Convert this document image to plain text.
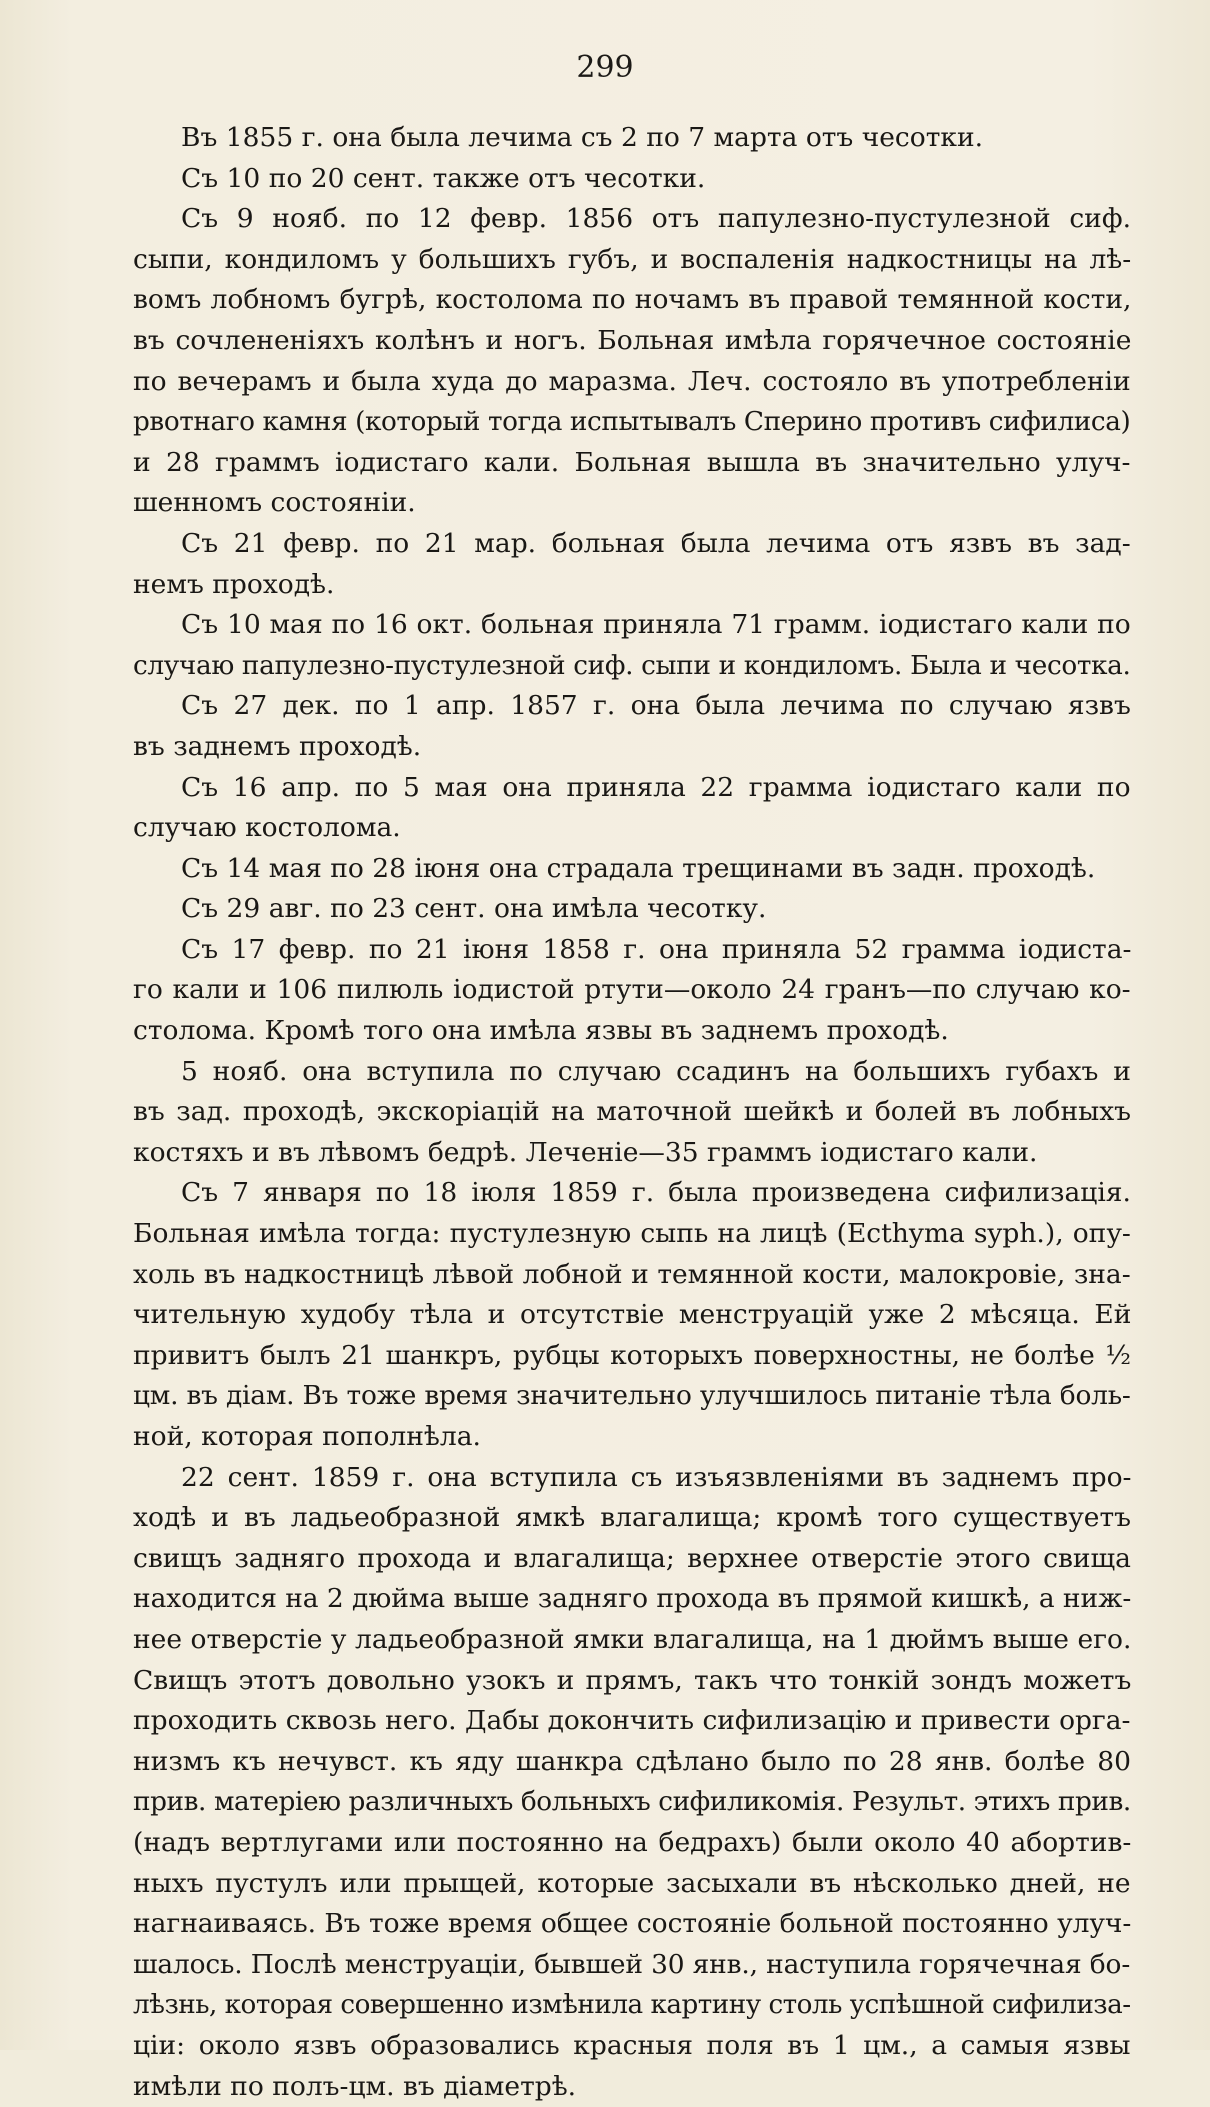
299
Въ 1855 г. она была лечима съ 2 по 7 марта отъ чесотки.
Съ 10 по 20 сент. также отъ чесотки.
Съ 9 нояб. по 12 февр. 1856 отъ папулезно-пустулезной сиф.
сыпи, кондиломъ у большихъ губъ, и воспаленія надкостницы на лѣ-
вомъ лобномъ бугрѣ, костолома по ночамъ въ правой темянной кости,
въ сочлененіяхъ колѣнъ и ногъ. Больная имѣла горячечное состояніе
по вечерамъ и была худа до маразма. Леч. состояло въ употребленіи
рвотнаго камня (который тогда испытывалъ Сперино противъ сифилиса)
и 28 граммъ іодистаго кали. Больная вышла въ значительно улуч-
шенномъ состояніи.
Съ 21 февр. по 21 мар. больная была лечима отъ язвъ въ зад-
немъ проходѣ.
Съ 10 мая по 16 окт. больная приняла 71 грамм. іодистаго кали по
случаю папулезно-пустулезной сиф. сыпи и кондиломъ. Была и чесотка.
Съ 27 дек. по 1 апр. 1857 г. она была лечима по случаю язвъ
въ заднемъ проходѣ.
Съ 16 апр. по 5 мая она приняла 22 грамма іодистаго кали по
случаю костолома.
Съ 14 мая по 28 іюня она страдала трещинами въ задн. проходѣ.
Съ 29 авг. по 23 сент. она имѣла чесотку.
Съ 17 февр. по 21 іюня 1858 г. она приняла 52 грамма іодиста-
го кали и 106 пилюль іодистой ртути—около 24 гранъ—по случаю ко-
столома. Кромѣ того она имѣла язвы въ заднемъ проходѣ.
5 нояб. она вступила по случаю ссадинъ на большихъ губахъ и
въ зад. проходѣ, экскоріацій на маточной шейкѣ и болей въ лобныхъ
костяхъ и въ лѣвомъ бедрѣ. Леченіе—35 граммъ іодистаго кали.
Съ 7 января по 18 іюля 1859 г. была произведена сифилизація.
Больная имѣла тогда: пустулезную сыпь на лицѣ (Ecthyma syph.), опу-
холь въ надкостницѣ лѣвой лобной и темянной кости, малокровіе, зна-
чительную худобу тѣла и отсутствіе менструацій уже 2 мѣсяца. Ей
привитъ былъ 21 шанкръ, рубцы которыхъ поверхностны, не болѣе ½
цм. въ діам. Въ тоже время значительно улучшилось питаніе тѣла боль-
ной, которая пополнѣла.
22 сент. 1859 г. она вступила съ изъязвленіями въ заднемъ про-
ходѣ и въ ладьеобразной ямкѣ влагалища; кромѣ того существуетъ
свищъ задняго прохода и влагалища; верхнее отверстіе этого свища
находится на 2 дюйма выше задняго прохода въ прямой кишкѣ, а ниж-
нее отверстіе у ладьеобразной ямки влагалища, на 1 дюймъ выше его.
Свищъ этотъ довольно узокъ и прямъ, такъ что тонкій зондъ можетъ
проходить сквозь него. Дабы докончить сифилизацію и привести орга-
низмъ къ нечувст. къ яду шанкра сдѣлано было по 28 янв. болѣе 80
прив. матеріею различныхъ больныхъ сифиликомія. Результ. этихъ прив.
(надъ вертлугами или постоянно на бедрахъ) были около 40 абортив-
ныхъ пустулъ или прыщей, которые засыхали въ нѣсколько дней, не
нагнаиваясь. Въ тоже время общее состояніе больной постоянно улуч-
шалось. Послѣ менструаціи, бывшей 30 янв., наступила горячечная бо-
лѣзнь, которая совершенно измѣнила картину столь успѣшной сифилиза-
ціи: около язвъ образовались красныя поля въ 1 цм., а самыя язвы
имѣли по полъ-цм. въ діаметрѣ.
